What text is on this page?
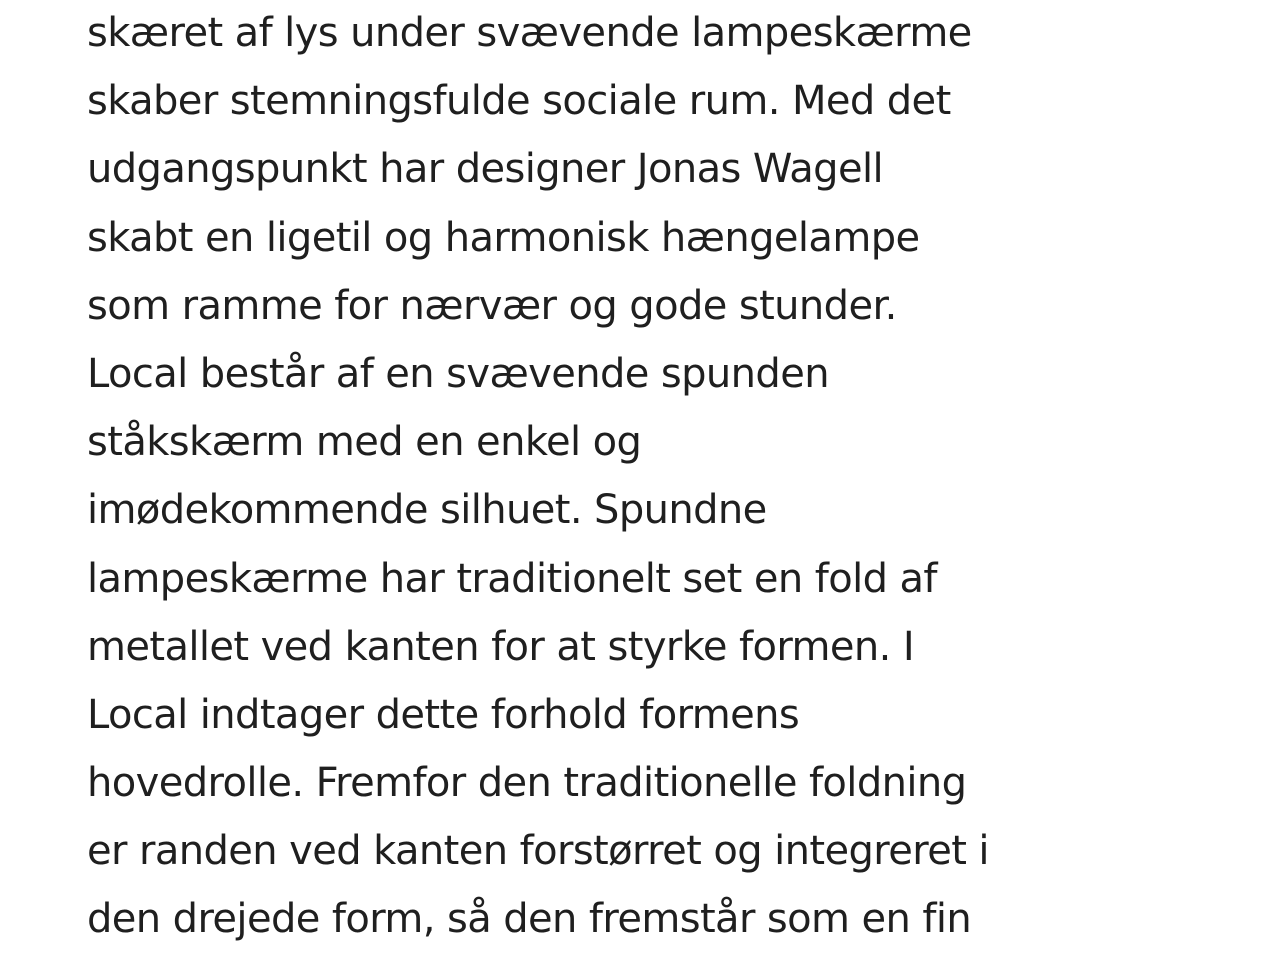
skæret af lys under svævende lampeskærme
skaber stemningsfulde sociale rum. Med det
udgangspunkt har designer Jonas Wagell
skabt en ligetil og harmonisk hængelampe
som ramme for nærvær og gode stunder.
Local består af en svævende spunden
ståkskærm med en enkel og
imødekommende silhuet. Spundne
lampeskærme har traditionelt set en fold af
metallet ved kanten for at styrke formen. I
Local indtager dette forhold formens
hovedrolle. Fremfor den traditionelle foldning
er randen ved kanten forstørret og integreret i
den drejede form, så den fremstår som en fin
